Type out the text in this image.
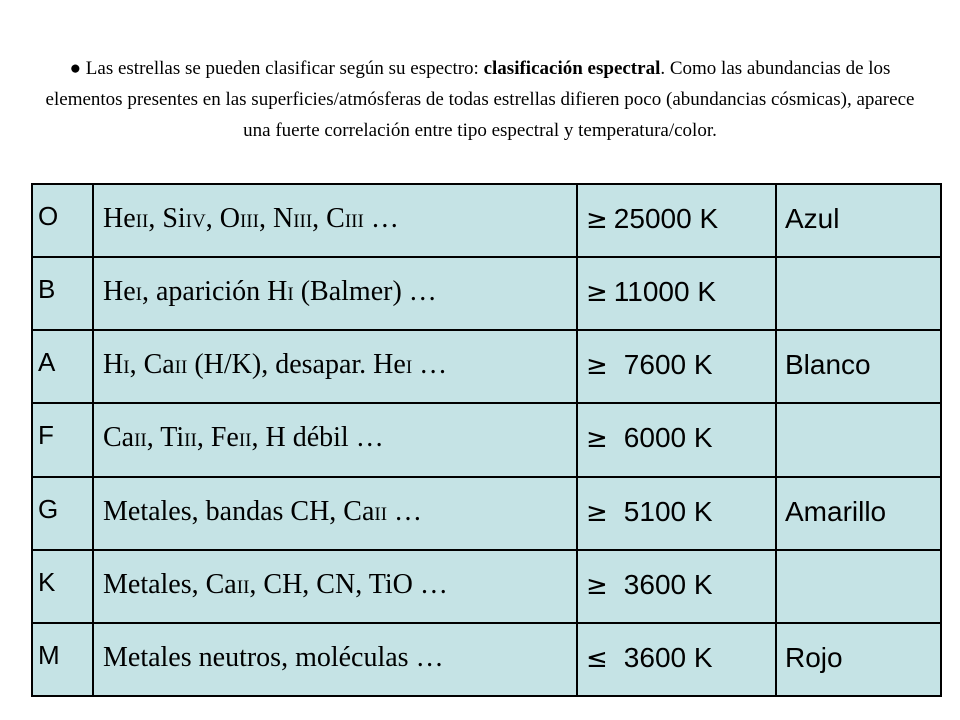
● Las estrellas se pueden clasificar según su espectro: clasificación espectral. Como las abundancias de los elementos presentes en las superficies/atmósferas de todas estrellas difieren poco (abundancias cósmicas), aparece una fuerte correlación entre tipo espectral y temperatura/color.

O	HeII, SiIV, OIII, NIII, CIII …	≥ 25000 K	Azul
B	HeI, aparición HI (Balmer) …	≥ 11000 K	
A	HI, CaII (H/K), desapar. HeI …	≥ 7600 K	Blanco
F	CaII, TiII, FeII, H débil …	≥ 6000 K	
G	Metales, bandas CH, CaII …	≥ 5100 K	Amarillo
K	Metales, CaII, CH, CN, TiO …	≥ 3600 K	
M	Metales neutros, moléculas …	≤ 3600 K	Rojo
